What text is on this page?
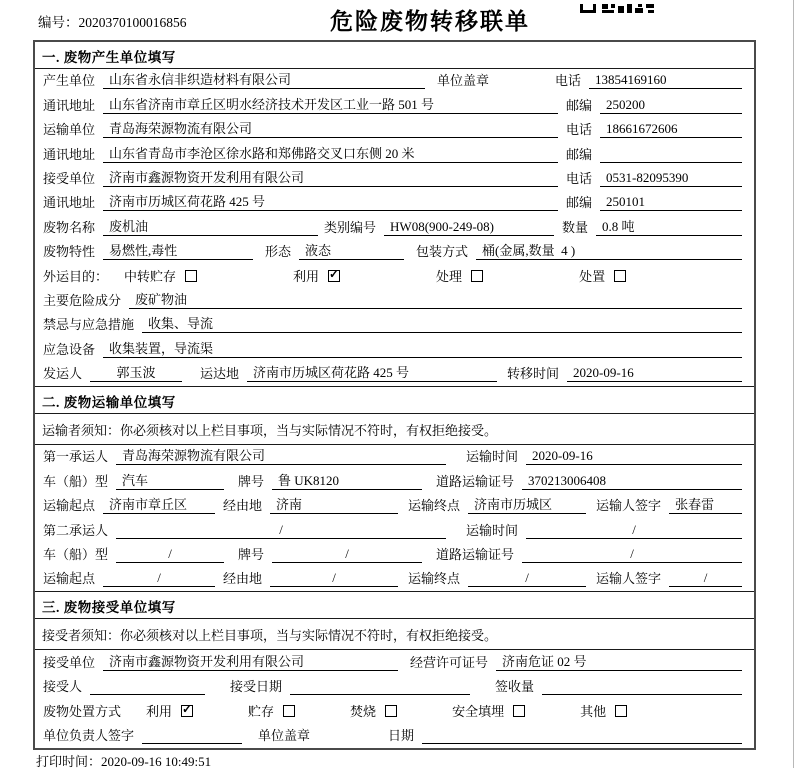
编号：2020370100016856	危险废物转移联单
一. 废物产生单位填写
产生单位	山东省永信非织造材料有限公司	单位盖章	电话	13854169160
通讯地址	山东省济南市章丘区明水经济技术开发区工业一路 501 号	邮编	250200
运输单位	青岛海荣源物流有限公司	电话	18661672606
通讯地址	山东省青岛市李沧区徐水路和郑佛路交叉口东侧 20 米	邮编
接受单位	济南市鑫源物资开发利用有限公司	电话	0531-82095390
通讯地址	济南市历城区荷花路 425 号	邮编	250101
废物名称	废机油	类别编号	HW08(900-249-08)	数量	0.8 吨
废物特性	易燃性,毒性	形态	液态	包装方式	桶(金属,数量  4 )
外运目的： 中转贮存	利用 ✓	处理	处置
主要危险成分	废矿物油
禁忌与应急措施	收集、导流
应急设备	收集装置，导流渠
发运人	郭玉波	运达地	济南市历城区荷花路 425 号	转移时间	2020-09-16
二. 废物运输单位填写
运输者须知：你必须核对以上栏目事项，当与实际情况不符时，有权拒绝接受。
第一承运人	青岛海荣源物流有限公司	运输时间	2020-09-16
车（船）型	汽车	牌号	鲁 UK8120	道路运输证号	370213006408
运输起点	济南市章丘区	经由地	济南	运输终点	济南市历城区	运输人签字	张春雷
第二承运人	/	运输时间	/
车（船）型	/	牌号	/	道路运输证号	/
运输起点	/	经由地	/	运输终点	/	运输人签字	/
三. 废物接受单位填写
接受者须知：你必须核对以上栏目事项，当与实际情况不符时，有权拒绝接受。
接受单位	济南市鑫源物资开发利用有限公司	经营许可证号	济南危证 02 号
接受人	接受日期	签收量
废物处置方式 利用 ✓	贮存	焚烧	安全填埋	其他
单位负责人签字	单位盖章	日期
打印时间：2020-09-16 10:49:51
